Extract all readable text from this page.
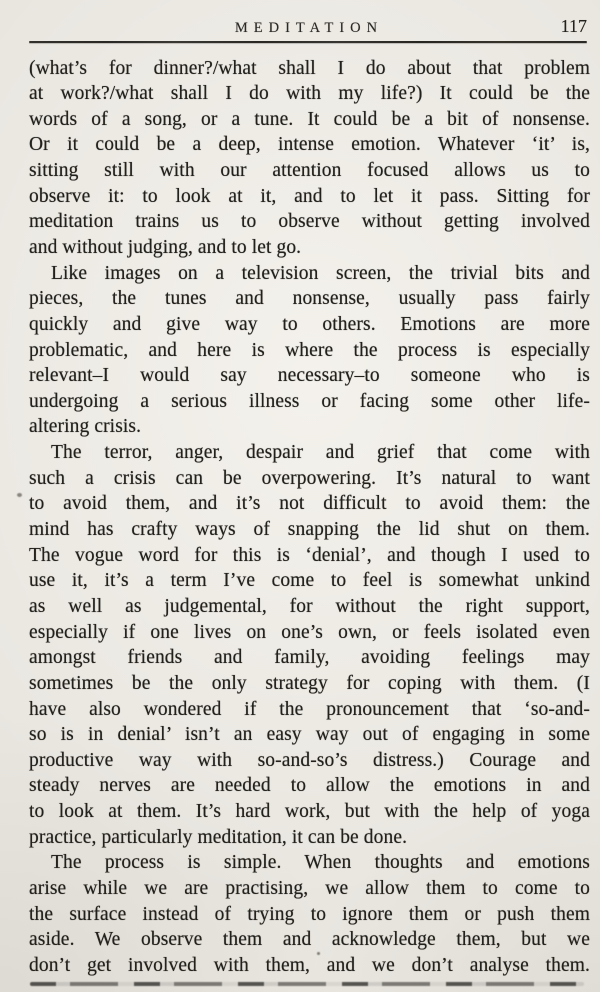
MEDITATION	117
(what’s for dinner?/what shall I do about that problem
at work?/what shall I do with my life?) It could be the
words of a song, or a tune. It could be a bit of nonsense.
Or it could be a deep, intense emotion. Whatever ‘it’ is,
sitting still with our attention focused allows us to
observe it: to look at it, and to let it pass. Sitting for
meditation trains us to observe without getting involved
and without judging, and to let go.
Like images on a television screen, the trivial bits and
pieces, the tunes and nonsense, usually pass fairly
quickly and give way to others. Emotions are more
problematic, and here is where the process is especially
relevant–I would say necessary–to someone who is
undergoing a serious illness or facing some other life-
altering crisis.
The terror, anger, despair and grief that come with
such a crisis can be overpowering. It’s natural to want
to avoid them, and it’s not difficult to avoid them: the
mind has crafty ways of snapping the lid shut on them.
The vogue word for this is ‘denial’, and though I used to
use it, it’s a term I’ve come to feel is somewhat unkind
as well as judgemental, for without the right support,
especially if one lives on one’s own, or feels isolated even
amongst friends and family, avoiding feelings may
sometimes be the only strategy for coping with them. (I
have also wondered if the pronouncement that ‘so-and-
so is in denial’ isn’t an easy way out of engaging in some
productive way with so-and-so’s distress.) Courage and
steady nerves are needed to allow the emotions in and
to look at them. It’s hard work, but with the help of yoga
practice, particularly meditation, it can be done.
The process is simple. When thoughts and emotions
arise while we are practising, we allow them to come to
the surface instead of trying to ignore them or push them
aside. We observe them and acknowledge them, but we
don’t get involved with them, and we don’t analyse them.
